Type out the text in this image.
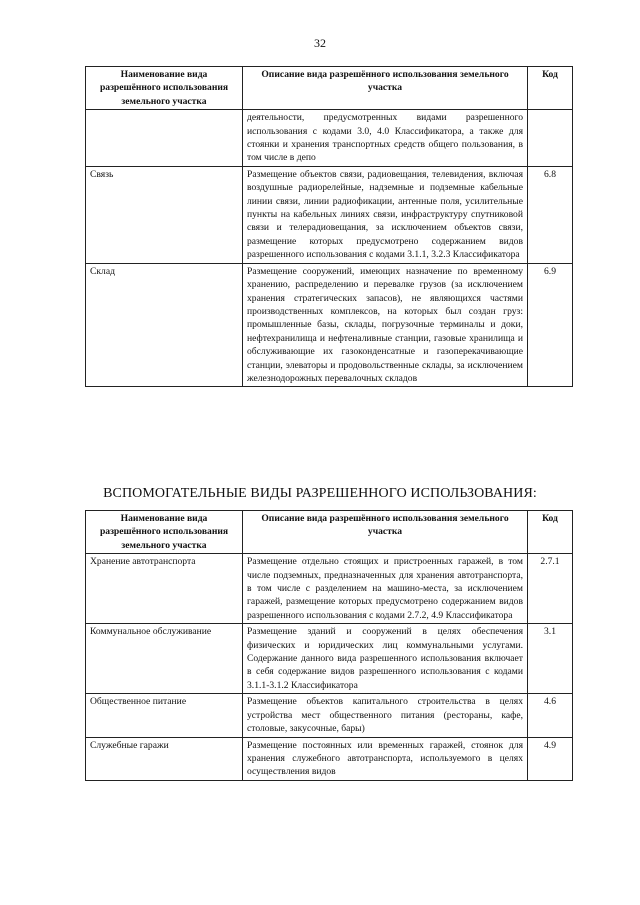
32
Наименование вида разрешённого использования земельного участка	Описание вида разрешённого использования земельного участка	Код
	деятельности, предусмотренных видами разрешенного использования с кодами 3.0, 4.0 Классификатора, а также для стоянки и хранения транспортных средств общего пользования, в том числе в депо	
Связь	Размещение объектов связи, радиовещания, телевидения, включая воздушные радиорелейные, надземные и подземные кабельные линии связи, линии радиофикации, антенные поля, усилительные пункты на кабельных линиях связи, инфраструктуру спутниковой связи и телерадиовещания, за исключением объектов связи, размещение которых предусмотрено содержанием видов разрешенного использования с кодами 3.1.1, 3.2.3 Классификатора	6.8
Склад	Размещение сооружений, имеющих назначение по временному хранению, распределению и перевалке грузов (за исключением хранения стратегических запасов), не являющихся частями производственных комплексов, на которых был создан груз: промышленные базы, склады, погрузочные терминалы и доки, нефтехранилища и нефтеналивные станции, газовые хранилища и обслуживающие их газоконденсатные и газоперекачивающие станции, элеваторы и продовольственные склады, за исключением железнодорожных перевалочных складов	6.9
ВСПОМОГАТЕЛЬНЫЕ ВИДЫ РАЗРЕШЕННОГО ИСПОЛЬЗОВАНИЯ:
Наименование вида разрешённого использования земельного участка	Описание вида разрешённого использования земельного участка	Код
Хранение автотранспорта	Размещение отдельно стоящих и пристроенных гаражей, в том числе подземных, предназначенных для хранения автотранспорта, в том числе с разделением на машино-места, за исключением гаражей, размещение которых предусмотрено содержанием видов разрешенного использования с кодами 2.7.2, 4.9 Классификатора	2.7.1
Коммунальное обслуживание	Размещение зданий и сооружений в целях обеспечения физических и юридических лиц коммунальными услугами. Содержание данного вида разрешенного использования включает в себя содержание видов разрешенного использования с кодами 3.1.1-3.1.2 Классификатора	3.1
Общественное питание	Размещение объектов капитального строительства в целях устройства мест общественного питания (рестораны, кафе, столовые, закусочные, бары)	4.6
Служебные гаражи	Размещение постоянных или временных гаражей, стоянок для хранения служебного автотранспорта, используемого в целях осуществления видов	4.9
